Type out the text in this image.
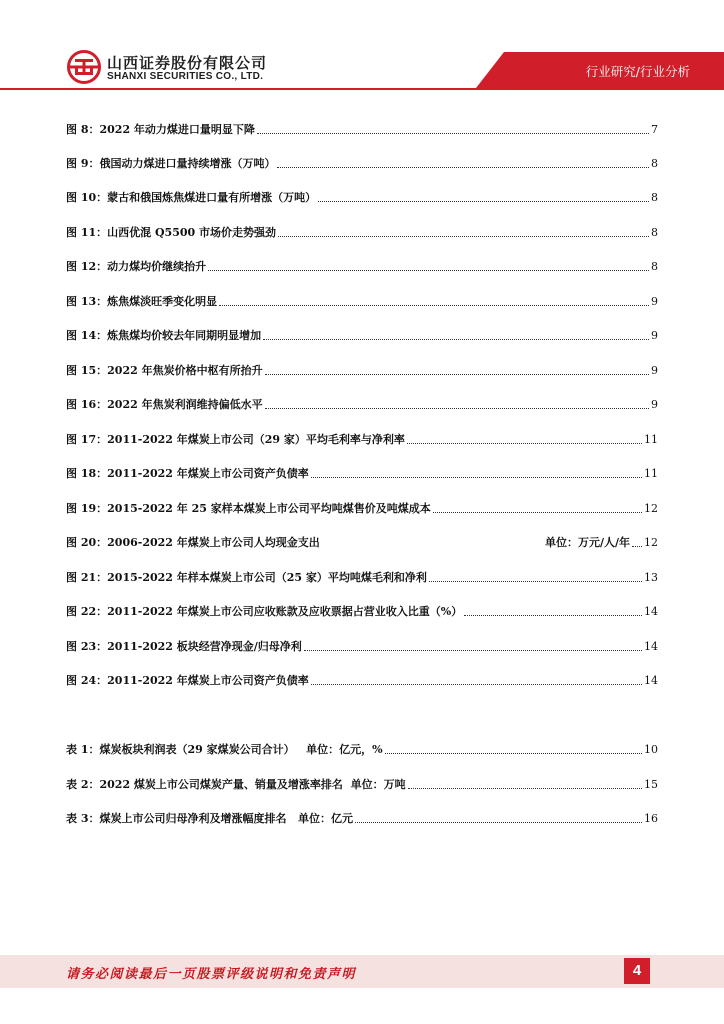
山西证券股份有限公司
SHANXI SECURITIES CO., LTD.	行业研究/行业分析
图 8： 2022 年动力煤进口量明显下降	7
图 9： 俄国动力煤进口量持续增涨（万吨）	8
图 10： 蒙古和俄国炼焦煤进口量有所增涨（万吨）	8
图 11： 山西优混 Q5500 市场价走势强劲	8
图 12： 动力煤均价继续抬升	8
图 13： 炼焦煤淡旺季变化明显	9
图 14： 炼焦煤均价较去年同期明显增加	9
图 15： 2022 年焦炭价格中枢有所抬升	9
图 16： 2022 年焦炭利润维持偏低水平	9
图 17： 2011-2022 年煤炭上市公司（29 家）平均毛利率与净利率	11
图 18： 2011-2022 年煤炭上市公司资产负债率	11
图 19： 2015-2022 年 25 家样本煤炭上市公司平均吨煤售价及吨煤成本	12
图 20： 2006-2022 年煤炭上市公司人均现金支出	单位：万元/人/年 12
图 21： 2015-2022 年样本煤炭上市公司（25 家）平均吨煤毛利和净利	13
图 22： 2011-2022 年煤炭上市公司应收账款及应收票据占营业收入比重（%）	14
图 23： 2011-2022 板块经营净现金/归母净利	14
图 24： 2011-2022 年煤炭上市公司资产负债率	14
表 1： 煤炭板块利润表（29 家煤炭公司合计）   单位：亿元，%	10
表 2： 2022 煤炭上市公司煤炭产量、销量及增涨率排名  单位：万吨	15
表 3： 煤炭上市公司归母净利及增涨幅度排名   单位：亿元	16
请务必阅读最后一页股票评级说明和免责声明	4
